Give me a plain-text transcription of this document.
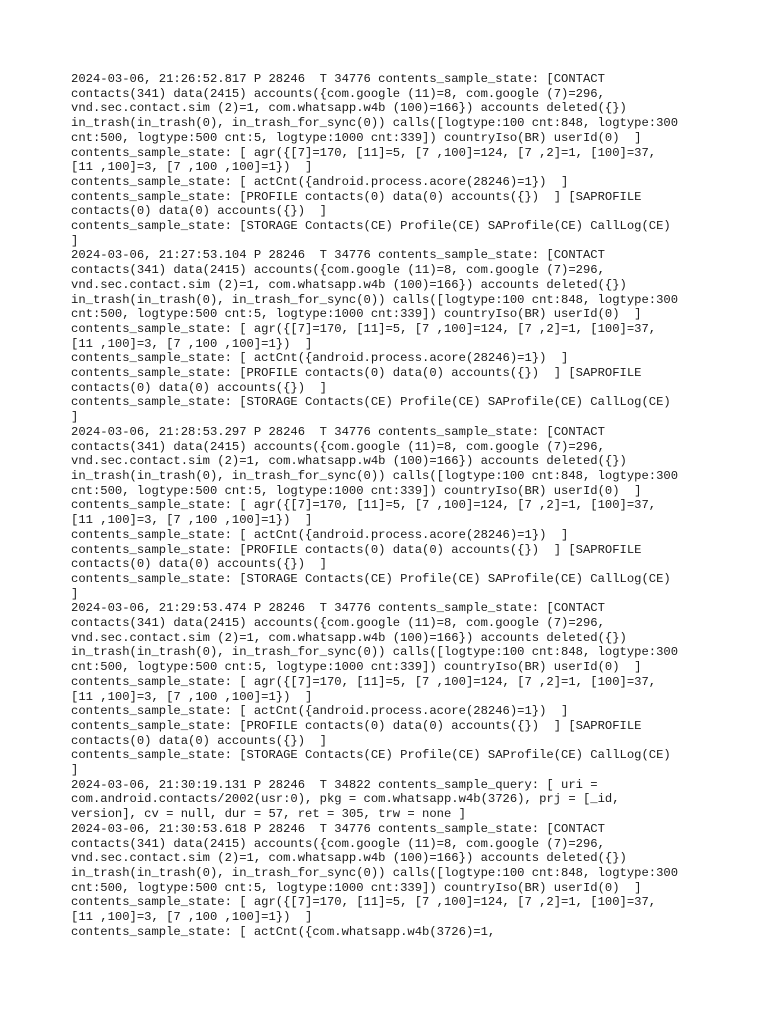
2024-03-06, 21:26:52.817 P 28246  T 34776 contents_sample_state: [CONTACT

contacts(341) data(2415) accounts({com.google (11)=8, com.google (7)=296,

vnd.sec.contact.sim (2)=1, com.whatsapp.w4b (100)=166}) accounts deleted({})

in_trash(in_trash(0), in_trash_for_sync(0)) calls([logtype:100 cnt:848, logtype:300

cnt:500, logtype:500 cnt:5, logtype:1000 cnt:339]) countryIso(BR) userId(0)  ]

contents_sample_state: [ agr({[7]=170, [11]=5, [7 ,100]=124, [7 ,2]=1, [100]=37,

[11 ,100]=3, [7 ,100 ,100]=1})  ]

contents_sample_state: [ actCnt({android.process.acore(28246)=1})  ]

contents_sample_state: [PROFILE contacts(0) data(0) accounts({})  ] [SAPROFILE

contacts(0) data(0) accounts({})  ]

contents_sample_state: [STORAGE Contacts(CE) Profile(CE) SAProfile(CE) CallLog(CE)

]

2024-03-06, 21:27:53.104 P 28246  T 34776 contents_sample_state: [CONTACT

contacts(341) data(2415) accounts({com.google (11)=8, com.google (7)=296,

vnd.sec.contact.sim (2)=1, com.whatsapp.w4b (100)=166}) accounts deleted({})

in_trash(in_trash(0), in_trash_for_sync(0)) calls([logtype:100 cnt:848, logtype:300

cnt:500, logtype:500 cnt:5, logtype:1000 cnt:339]) countryIso(BR) userId(0)  ]

contents_sample_state: [ agr({[7]=170, [11]=5, [7 ,100]=124, [7 ,2]=1, [100]=37,

[11 ,100]=3, [7 ,100 ,100]=1})  ]

contents_sample_state: [ actCnt({android.process.acore(28246)=1})  ]

contents_sample_state: [PROFILE contacts(0) data(0) accounts({})  ] [SAPROFILE

contacts(0) data(0) accounts({})  ]

contents_sample_state: [STORAGE Contacts(CE) Profile(CE) SAProfile(CE) CallLog(CE)

]

2024-03-06, 21:28:53.297 P 28246  T 34776 contents_sample_state: [CONTACT

contacts(341) data(2415) accounts({com.google (11)=8, com.google (7)=296,

vnd.sec.contact.sim (2)=1, com.whatsapp.w4b (100)=166}) accounts deleted({})

in_trash(in_trash(0), in_trash_for_sync(0)) calls([logtype:100 cnt:848, logtype:300

cnt:500, logtype:500 cnt:5, logtype:1000 cnt:339]) countryIso(BR) userId(0)  ]

contents_sample_state: [ agr({[7]=170, [11]=5, [7 ,100]=124, [7 ,2]=1, [100]=37,

[11 ,100]=3, [7 ,100 ,100]=1})  ]

contents_sample_state: [ actCnt({android.process.acore(28246)=1})  ]

contents_sample_state: [PROFILE contacts(0) data(0) accounts({})  ] [SAPROFILE

contacts(0) data(0) accounts({})  ]

contents_sample_state: [STORAGE Contacts(CE) Profile(CE) SAProfile(CE) CallLog(CE)

]

2024-03-06, 21:29:53.474 P 28246  T 34776 contents_sample_state: [CONTACT

contacts(341) data(2415) accounts({com.google (11)=8, com.google (7)=296,

vnd.sec.contact.sim (2)=1, com.whatsapp.w4b (100)=166}) accounts deleted({})

in_trash(in_trash(0), in_trash_for_sync(0)) calls([logtype:100 cnt:848, logtype:300

cnt:500, logtype:500 cnt:5, logtype:1000 cnt:339]) countryIso(BR) userId(0)  ]

contents_sample_state: [ agr({[7]=170, [11]=5, [7 ,100]=124, [7 ,2]=1, [100]=37,

[11 ,100]=3, [7 ,100 ,100]=1})  ]

contents_sample_state: [ actCnt({android.process.acore(28246)=1})  ]

contents_sample_state: [PROFILE contacts(0) data(0) accounts({})  ] [SAPROFILE

contacts(0) data(0) accounts({})  ]

contents_sample_state: [STORAGE Contacts(CE) Profile(CE) SAProfile(CE) CallLog(CE)

]

2024-03-06, 21:30:19.131 P 28246  T 34822 contents_sample_query: [ uri =

com.android.contacts/2002(usr:0), pkg = com.whatsapp.w4b(3726), prj = [_id,

version], cv = null, dur = 57, ret = 305, trw = none ]

2024-03-06, 21:30:53.618 P 28246  T 34776 contents_sample_state: [CONTACT

contacts(341) data(2415) accounts({com.google (11)=8, com.google (7)=296,

vnd.sec.contact.sim (2)=1, com.whatsapp.w4b (100)=166}) accounts deleted({})

in_trash(in_trash(0), in_trash_for_sync(0)) calls([logtype:100 cnt:848, logtype:300

cnt:500, logtype:500 cnt:5, logtype:1000 cnt:339]) countryIso(BR) userId(0)  ]

contents_sample_state: [ agr({[7]=170, [11]=5, [7 ,100]=124, [7 ,2]=1, [100]=37,

[11 ,100]=3, [7 ,100 ,100]=1})  ]

contents_sample_state: [ actCnt({com.whatsapp.w4b(3726)=1,
